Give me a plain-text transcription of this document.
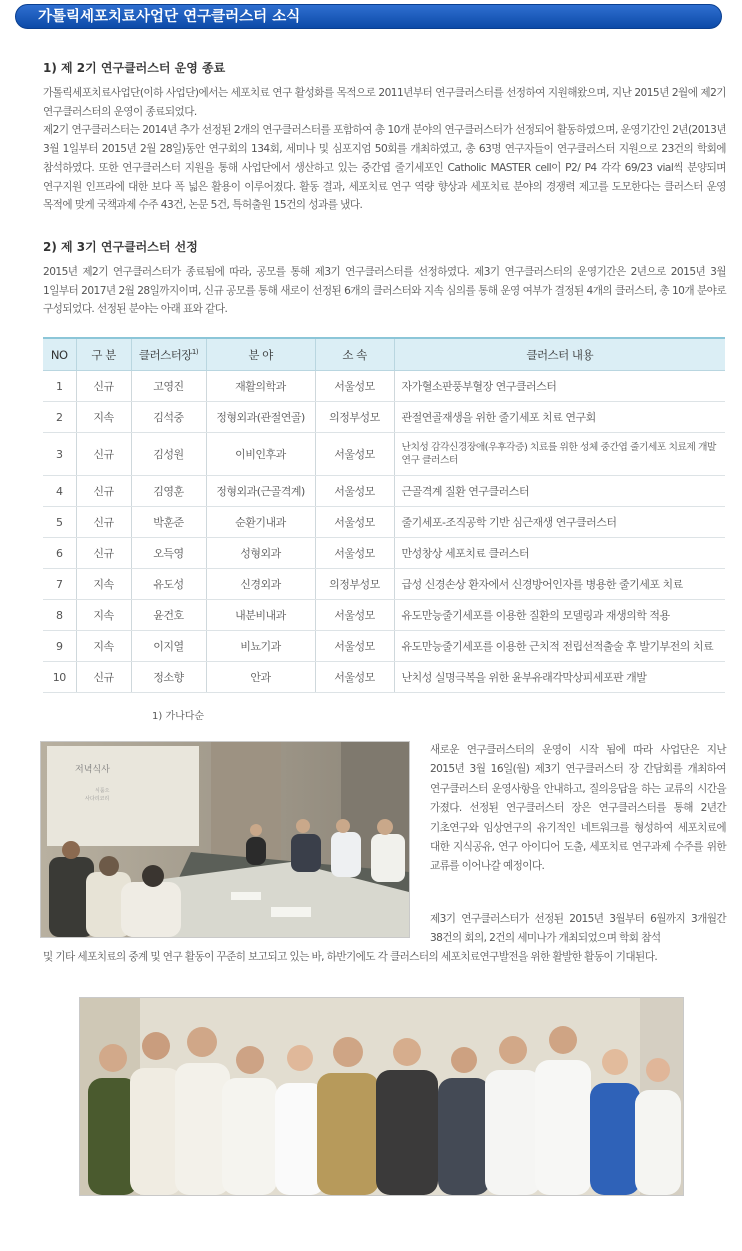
가톨릭세포치료사업단 연구클러스터 소식
1) 제 2기 연구클러스터 운영 종료

가톨릭세포치료사업단(이하 사업단)에서는 세포치료 연구 활성화를 목적으로 2011년부터 연구클러스터를 선정하여 지원해왔으며, 지난 2015년 2월에 제2기 연구클러스터의 운영이 종료되었다.

제2기 연구클러스터는 2014년 추가 선정된 2개의 연구클러스터를 포함하여 총 10개 분야의 연구클러스터가 선정되어 활동하였으며, 운영기간인 2년(2013년 3월 1일부터 2015년 2월 28일)동안 연구회의 134회, 세미나 및 심포지엄 50회를 개최하였고, 총 63명 연구자들이 연구클러스터 지원으로 23건의 학회에 참석하였다. 또한 연구클러스터 지원을 통해 사업단에서 생산하고 있는 중간엽 줄기세포인 Catholic MASTER cell이 P2/ P4 각각 69/23 vial씩 분양되며 연구지원 인프라에 대한 보다 폭 넓은 활용이 이루어졌다. 활동 결과, 세포치료 연구 역량 향상과 세포치료 분야의 경쟁력 제고를 도모한다는 클러스터 운영 목적에 맞게 국책과제 수주 43건, 논문 5건, 특허출원 15건의 성과를 냈다.

2) 제 3기 연구클러스터 선정

2015년 제2기 연구클러스터가 종료됨에 따라, 공모를 통해 제3기 연구클러스터를 선정하였다. 제3기 연구클러스터의 운영기간은 2년으로 2015년 3월 1일부터 2017년 2월 28일까지이며, 신규 공모를 통해 새로이 선정된 6개의 클러스터와 지속 심의를 통해 운영 여부가 결정된 4개의 클러스터, 총 10개 분야로 구성되었다. 선정된 분야는 아래 표와 같다.

NO	구 분	클러스터장$^{1)}$	분 야	소 속	클러스터 내용
1	신규	고영진	재활의학과	서울성모	자가혈소판풍부혈장 연구클러스터
2	지속	김석중	정형외과(관절연골)	의정부성모	관절연골재생을 위한 줄기세포 치료 연구회
3	신규	김성원	이비인후과	서울성모	난치성 감각신경장애(우후각증) 치료를 위한 성체 중간엽 줄기세포 치료제 개발 연구 클러스터
4	신규	김영훈	정형외과(근골격계)	서울성모	근골격계 질환 연구클러스터
5	신규	박훈준	순환기내과	서울성모	줄기세포-조직공학 기반 심근재생 연구클러스터
6	신규	오득영	성형외과	서울성모	만성창상 세포치료 클러스터
7	지속	유도성	신경외과	의정부성모	급성 신경손상 환자에서 신경방어인자를 병용한 줄기세포 치료
8	지속	윤건호	내분비내과	서울성모	유도만능줄기세포를 이용한 질환의 모델링과 재생의학 적용
9	지속	이지열	비뇨기과	서울성모	유도만능줄기세포를 이용한 근치적 전립선적출술 후 발기부전의 치료
10	신규	정소향	안과	서울성모	난치성 실명극복을 위한 윤부유래각막상피세포판 개발
1) 가나다순
저녁식사
식품으
사다리코리
새로운 연구클러스터의 운영이 시작 됨에 따라 사업단은 지난 2015년 3월 16일(월) 제3기 연구클러스터 장 간담회를 개최하여 연구클러스터 운영사항을 안내하고, 질의응답을 하는 교류의 시간을 가졌다. 선정된 연구클러스터 장은 연구클러스터를 통해 2년간 기초연구와 임상연구의 유기적인 네트워크를 형성하여 세포치료에 대한 지식공유, 연구 아이디어 도출, 세포치료 연구과제 수주를 위한 교류를 이어나갈 예정이다.
제3기 연구클러스터가 선정된 2015년 3월부터 6월까지 3개월간 38건의 회의, 2건의 세미나가 개최되었으며 학회 참석
및 기타 세포치료의 중계 및 연구 활동이 꾸준히 보고되고 있는 바, 하반기에도 각 클러스터의 세포치료연구발전을 위한 활발한 활동이 기대된다.
